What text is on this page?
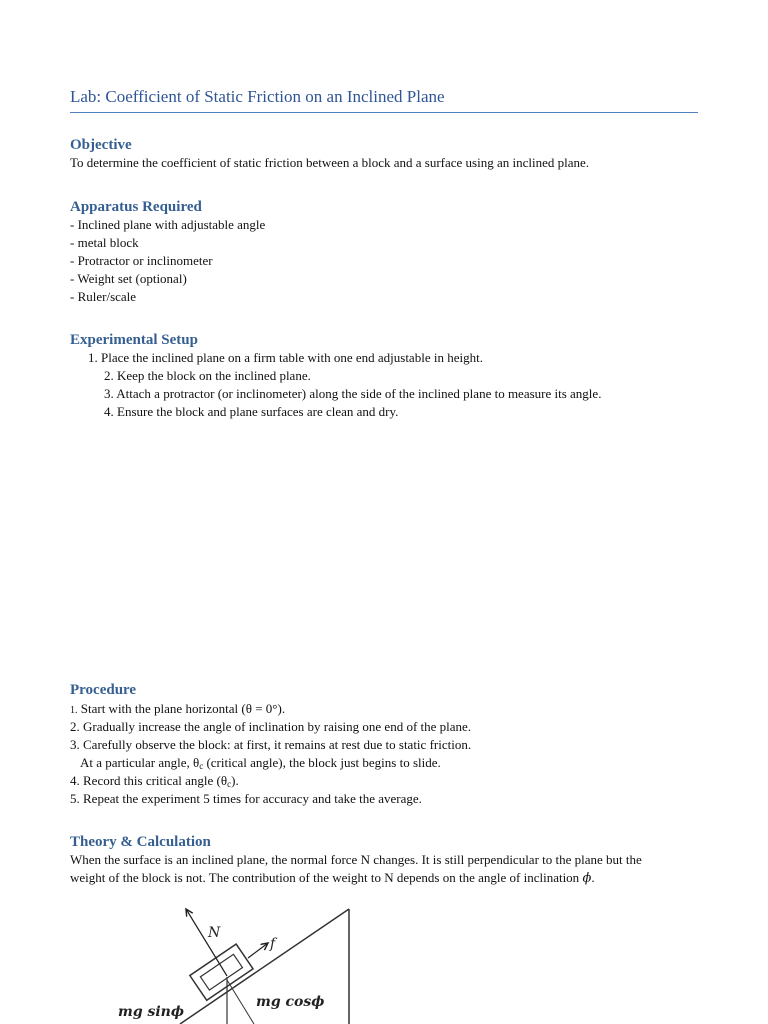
Lab: Coefficient of Static Friction on an Inclined Plane
Objective
To determine the coefficient of static friction between a block and a surface using an inclined plane.
Apparatus Required
- Inclined plane with adjustable angle
- metal block
- Protractor or inclinometer
- Weight set (optional)
- Ruler/scale
Experimental Setup
1. Place the inclined plane on a firm table with one end adjustable in height.
2. Keep the block on the inclined plane.
3. Attach a protractor (or inclinometer) along the side of the inclined plane to measure its angle.
4. Ensure the block and plane surfaces are clean and dry.
Procedure
1. Start with the plane horizontal (θ = 0°).
2. Gradually increase the angle of inclination by raising one end of the plane.
3. Carefully observe the block: at first, it remains at rest due to static friction.
At a particular angle, $\theta_c$ (critical angle), the block just begins to slide.
4. Record this critical angle $(\theta_c)$.
5. Repeat the experiment 5 times for accuracy and take the average.
Theory & Calculation
When the surface is an inclined plane, the normal force N changes. It is still perpendicular to the plane but the
weight of the block is not. The contribution of the weight to N depends on the angle of inclination ϕ.
N
f
mg sinϕ
mg cosϕ
